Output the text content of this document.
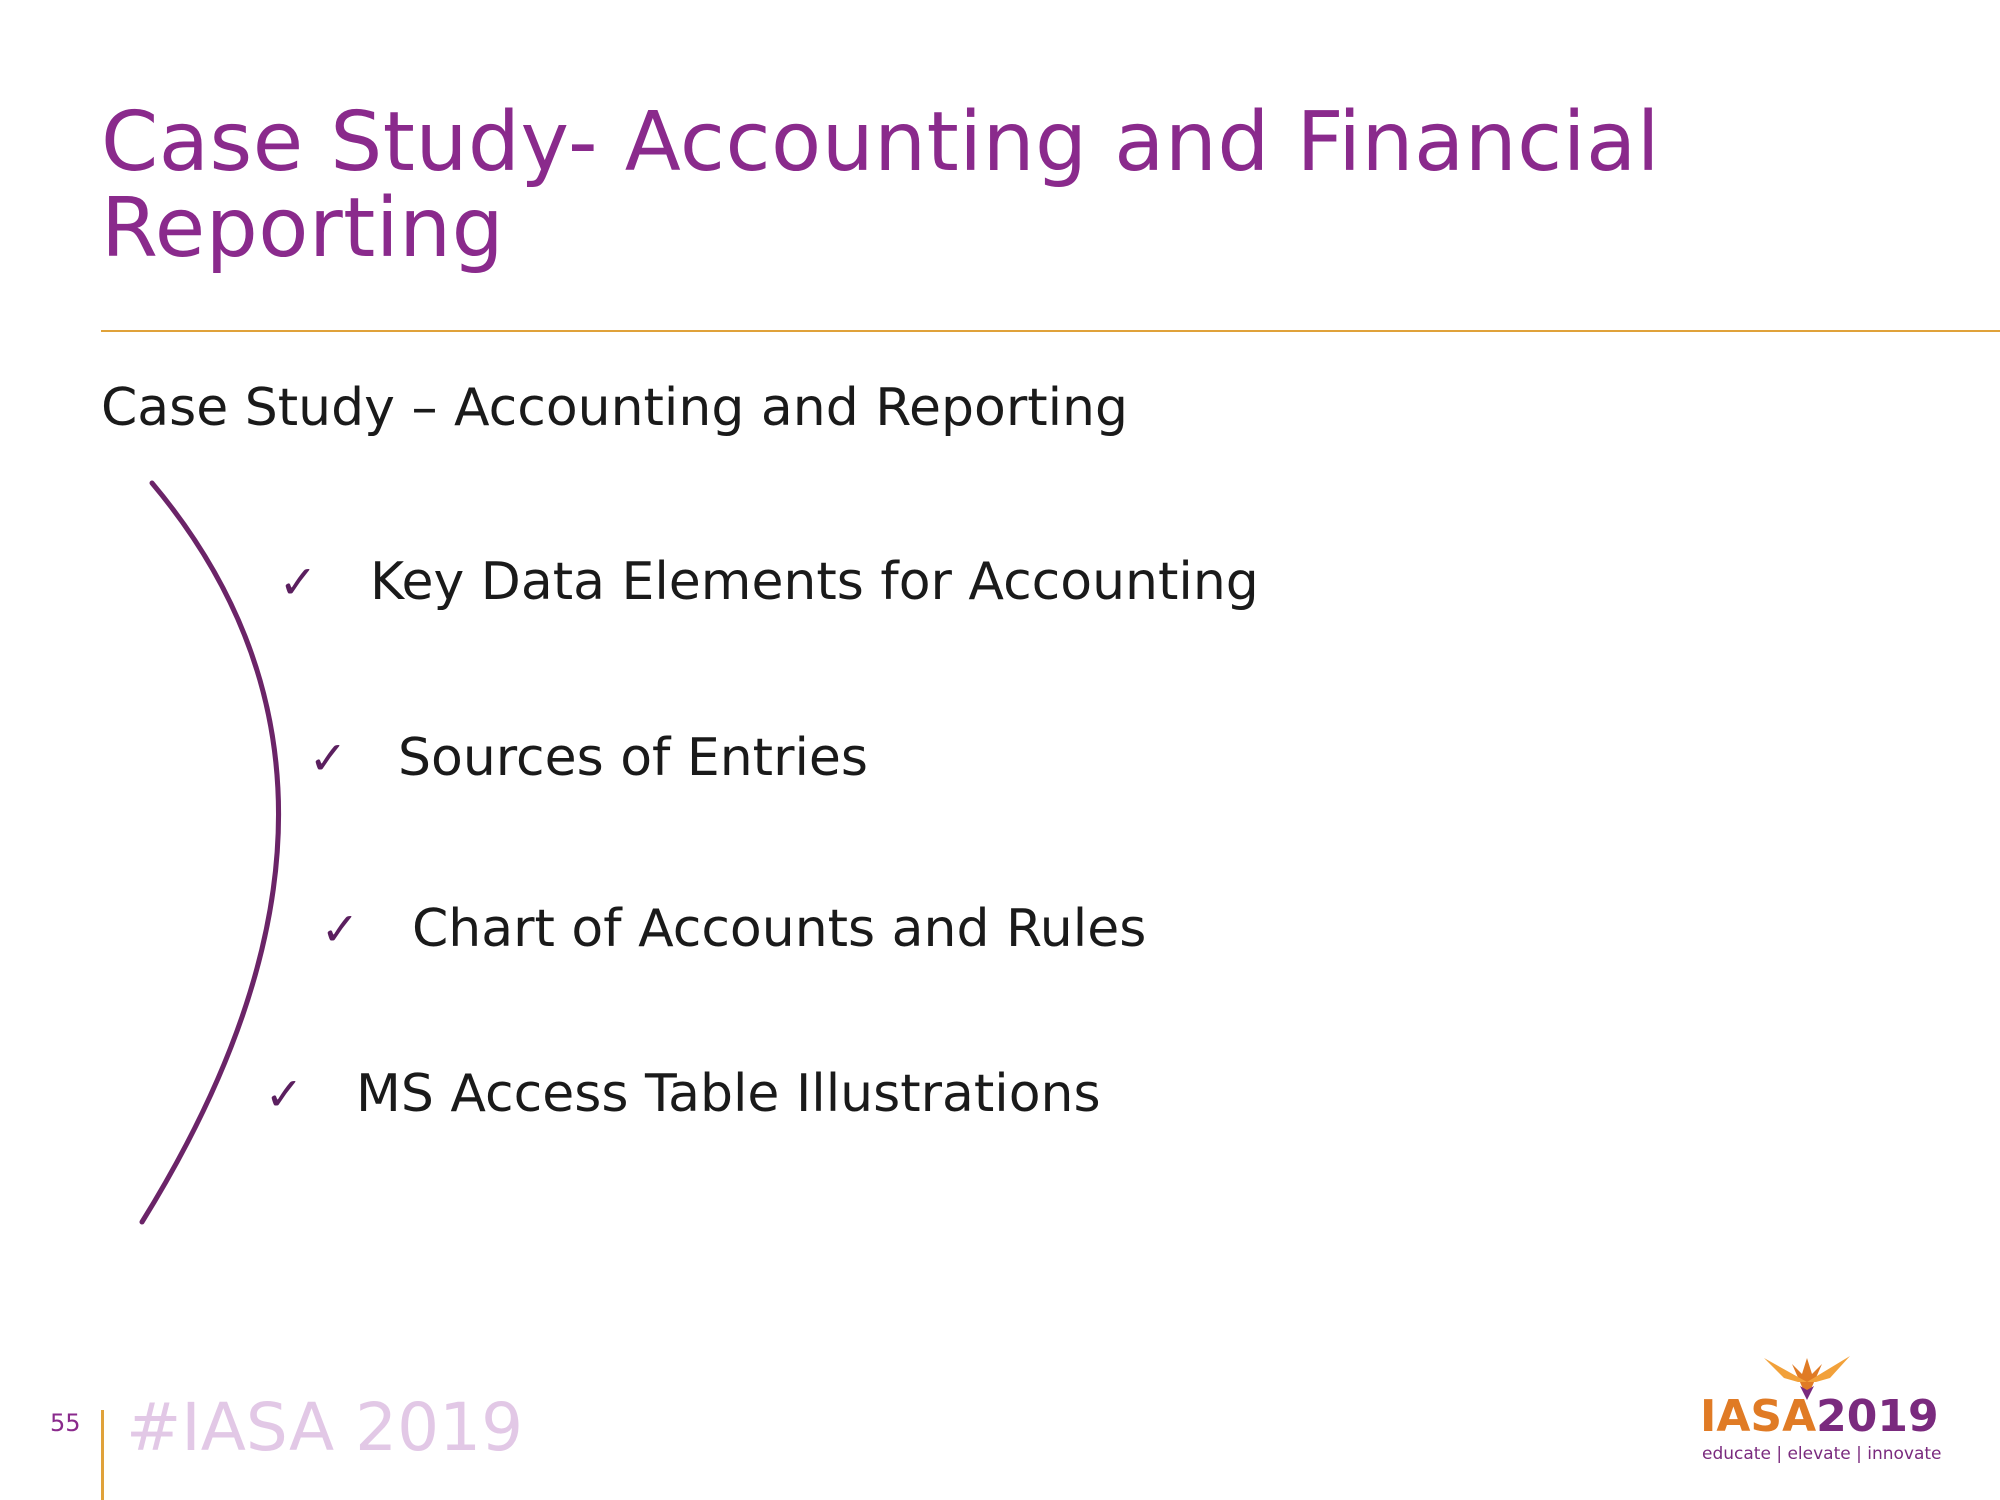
Case Study- Accounting and Financial Reporting
Case Study – Accounting and Reporting
✓ Key Data Elements for Accounting
✓ Sources of Entries
✓ Chart of Accounts and Rules
✓ MS Access Table Illustrations
55 #IASA 2019	IASA2019
educate | elevate | innovate
